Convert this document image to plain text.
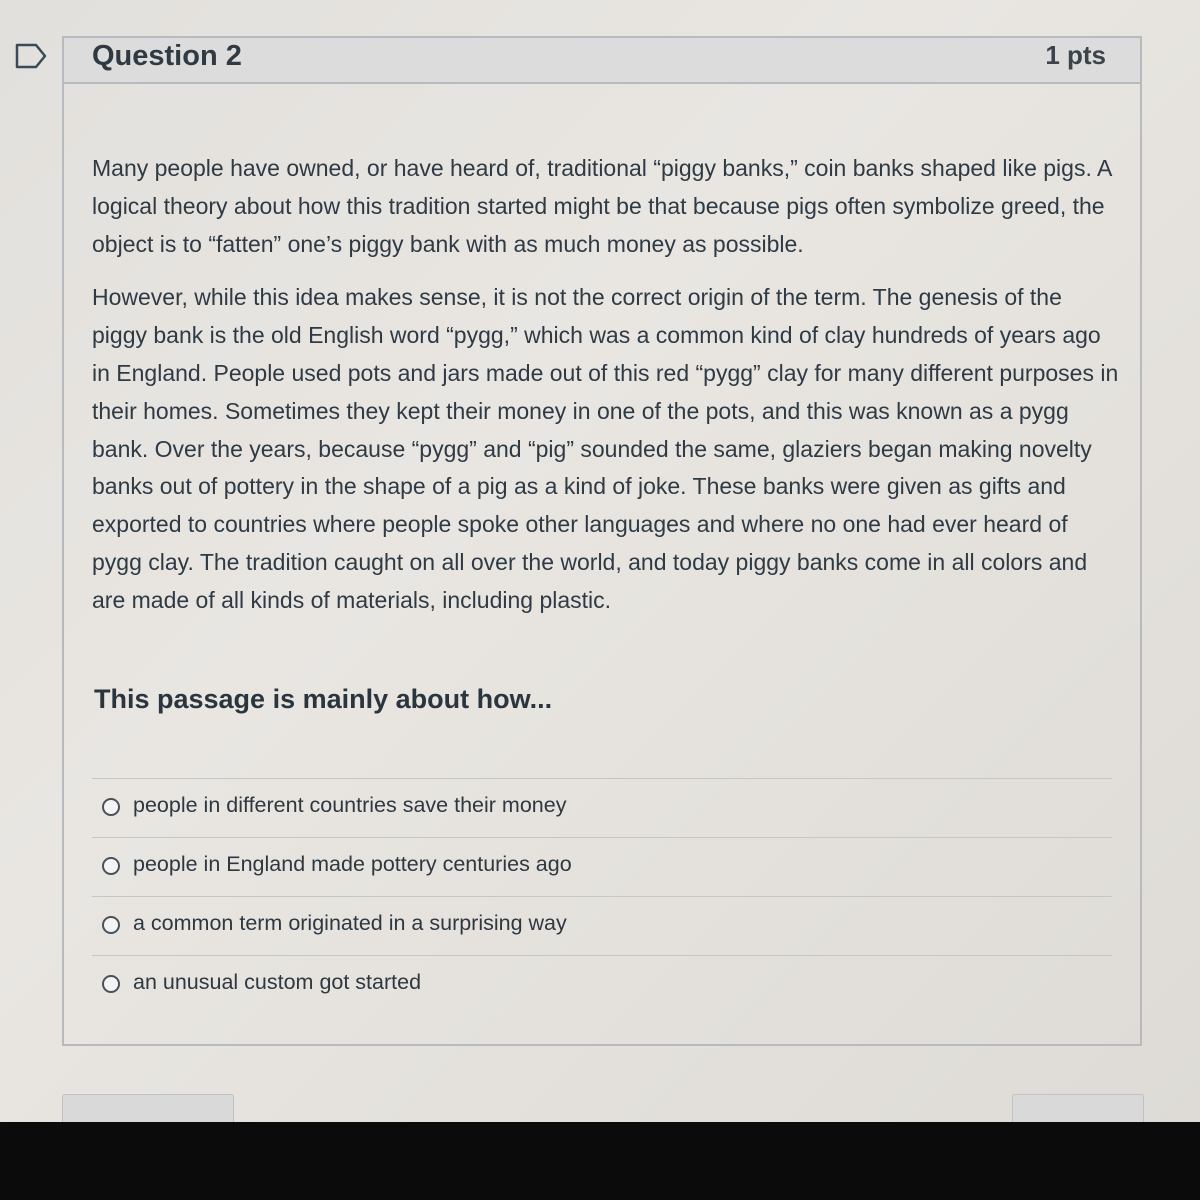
Question 2	1 pts

Many people have owned, or have heard of, traditional “piggy banks,” coin banks shaped like pigs. A logical theory about how this tradition started might be that because pigs often symbolize greed, the object is to “fatten” one’s piggy bank with as much money as possible.

However, while this idea makes sense, it is not the correct origin of the term. The genesis of the piggy bank is the old English word “pygg,” which was a common kind of clay hundreds of years ago in England. People used pots and jars made out of this red “pygg” clay for many different purposes in their homes. Sometimes they kept their money in one of the pots, and this was known as a pygg bank. Over the years, because “pygg” and “pig” sounded the same, glaziers began making novelty banks out of pottery in the shape of a pig as a kind of joke. These banks were given as gifts and exported to countries where people spoke other languages and where no one had ever heard of pygg clay. The tradition caught on all over the world, and today piggy banks come in all colors and are made of all kinds of materials, including plastic.

This passage is mainly about how...
people in different countries save their money
people in England made pottery centuries ago
a common term originated in a surprising way
an unusual custom got started
